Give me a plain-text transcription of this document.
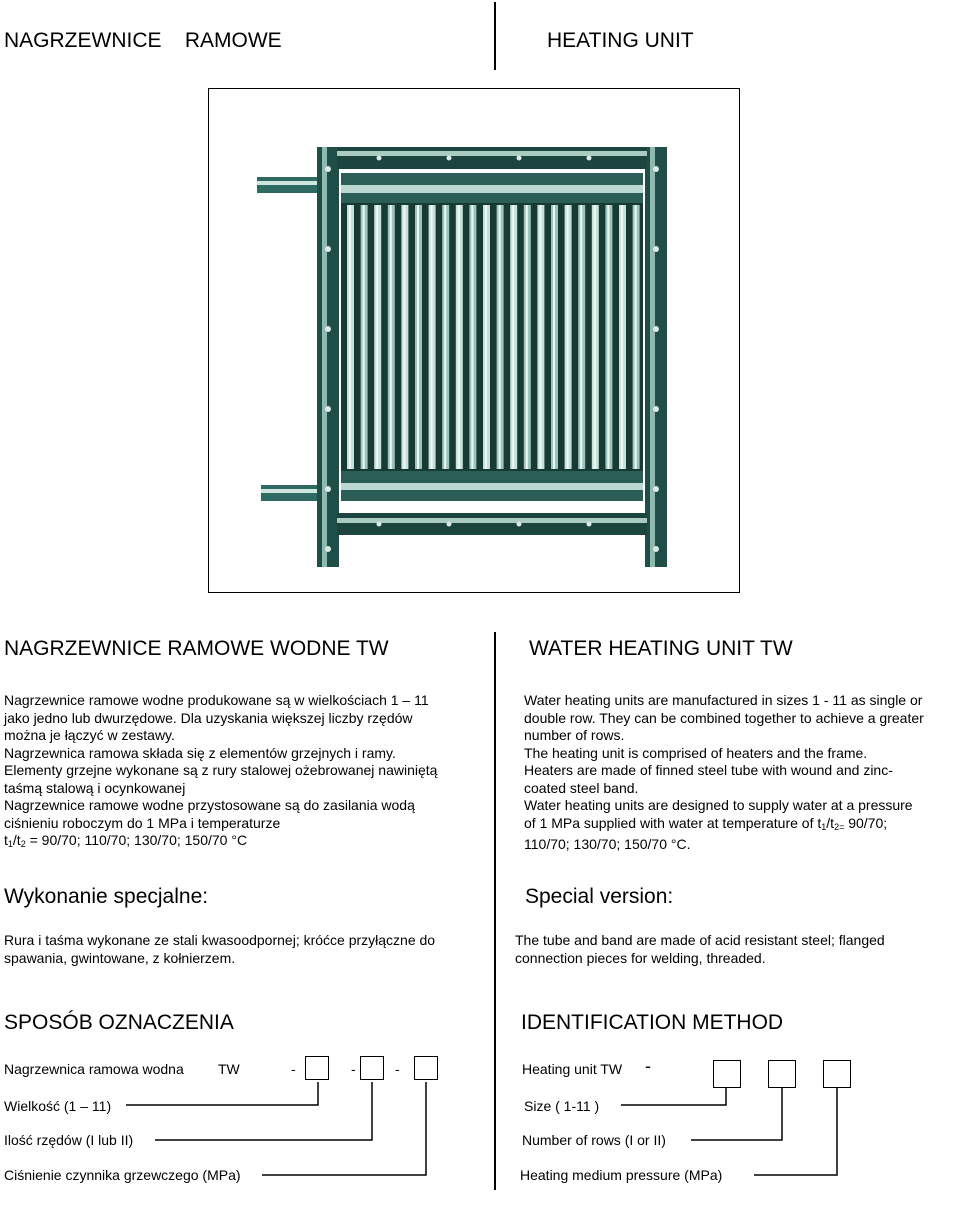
NAGRZEWNICE    RAMOWE	HEATING UNIT
NAGRZEWNICE RAMOWE WODNE TW	WATER HEATING UNIT TW
Nagrzewnice ramowe wodne produkowane są w wielkościach 1 – 11
jako jedno lub dwurzędowe. Dla uzyskania większej liczby rzędów
można je łączyć w zestawy.
Nagrzewnica ramowa składa się z elementów grzejnych i ramy.
Elementy grzejne wykonane są z rury stalowej ożebrowanej nawiniętą
taśmą stalową i ocynkowanej
Nagrzewnice ramowe wodne przystosowane są do zasilania wodą
ciśnieniu roboczym do 1 MPa i temperaturze
$t_1/t_2 = 90/70$; 110/70; 130/70; 150/70 °C
Water heating units are manufactured in sizes 1 - 11 as single or
double row. They can be combined together to achieve a greater
number of rows.
The heating unit is comprised of heaters and the frame.
Heaters are made of finned steel tube with wound and zinc-
coated steel band.
Water heating units are designed to supply water at a pressure
of 1 MPa supplied with water at temperature of $t_1/t_{2=}$ 90/70;
110/70; 130/70; 150/70 °C.
Wykonanie specjalne:	Special version:
Rura i taśma wykonane ze stali kwasoodpornej; króćce przyłączne do
spawania, gwintowane, z kołnierzem.
The tube and band are made of acid resistant steel; flanged
connection pieces for welding, threaded.
SPOSÓB OZNACZENIA	IDENTIFICATION METHOD
Nagrzewnica ramowa wodna TW	-	-	-
Wielkość (1 – 11)
Ilość rzędów (I lub II)
Ciśnienie czynnika grzewczego (MPa)
Heating unit TW -
Size ( 1-11 )
Number of rows (I or II)
Heating medium pressure (MPa)
